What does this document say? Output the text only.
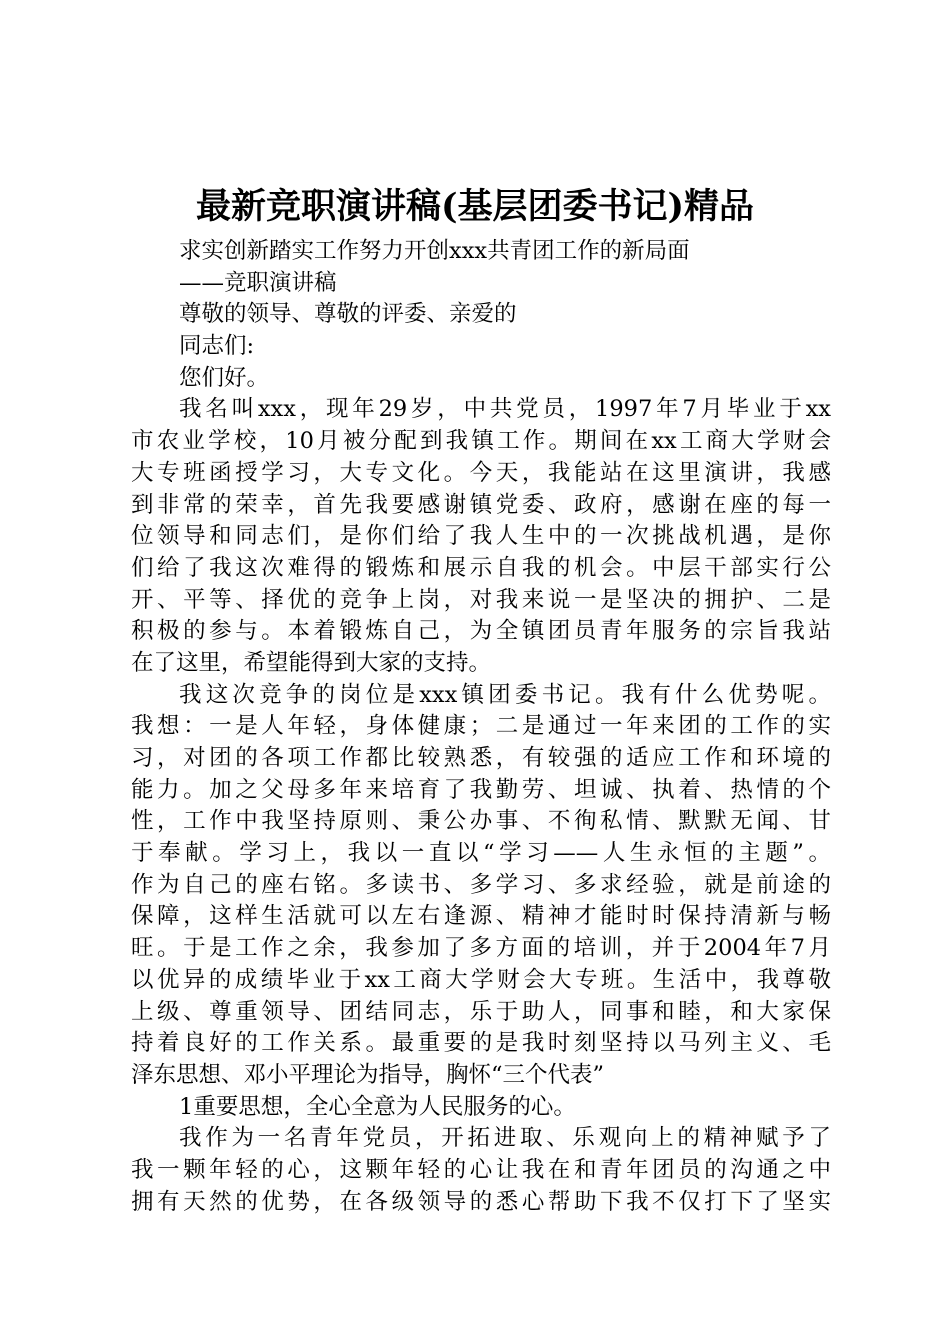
最新竞职演讲稿(基层团委书记)精品
求实创新踏实工作努力开创xxx共青团工作的新局面
——竞职演讲稿
尊敬的领导、尊敬的评委、亲爱的
同志们:
您们好。
我名叫xxx，现年29岁，中共党员，1997年7月毕业于xx
市农业学校，10月被分配到我镇工作。期间在xx工商大学财会
大专班函授学习，大专文化。今天，我能站在这里演讲，我感
到非常的荣幸，首先我要感谢镇党委、政府，感谢在座的每一
位领导和同志们，是你们给了我人生中的一次挑战机遇，是你
们给了我这次难得的锻炼和展示自我的机会。中层干部实行公
开、平等、择优的竞争上岗，对我来说一是坚决的拥护、二是
积极的参与。本着锻炼自己，为全镇团员青年服务的宗旨我站
在了这里，希望能得到大家的支持。
我这次竞争的岗位是xxx镇团委书记。我有什么优势呢。
我想：一是人年轻，身体健康；二是通过一年来团的工作的实
习，对团的各项工作都比较熟悉，有较强的适应工作和环境的
能力。加之父母多年来培育了我勤劳、坦诚、执着、热情的个
性，工作中我坚持原则、秉公办事、不徇私情、默默无闻、甘
于奉献。学习上，我以一直以“学习——人生永恒的主题”。
作为自己的座右铭。多读书、多学习、多求经验，就是前途的
保障，这样生活就可以左右逢源、精神才能时时保持清新与畅
旺。于是工作之余，我参加了多方面的培训，并于2004年7月
以优异的成绩毕业于xx工商大学财会大专班。生活中，我尊敬
上级、尊重领导、团结同志，乐于助人，同事和睦，和大家保
持着良好的工作关系。最重要的是我时刻坚持以马列主义、毛
泽东思想、邓小平理论为指导，胸怀“三个代表”
1重要思想，全心全意为人民服务的心。
我作为一名青年党员，开拓进取、乐观向上的精神赋予了
我一颗年轻的心，这颗年轻的心让我在和青年团员的沟通之中
拥有天然的优势，在各级领导的悉心帮助下我不仅打下了坚实
